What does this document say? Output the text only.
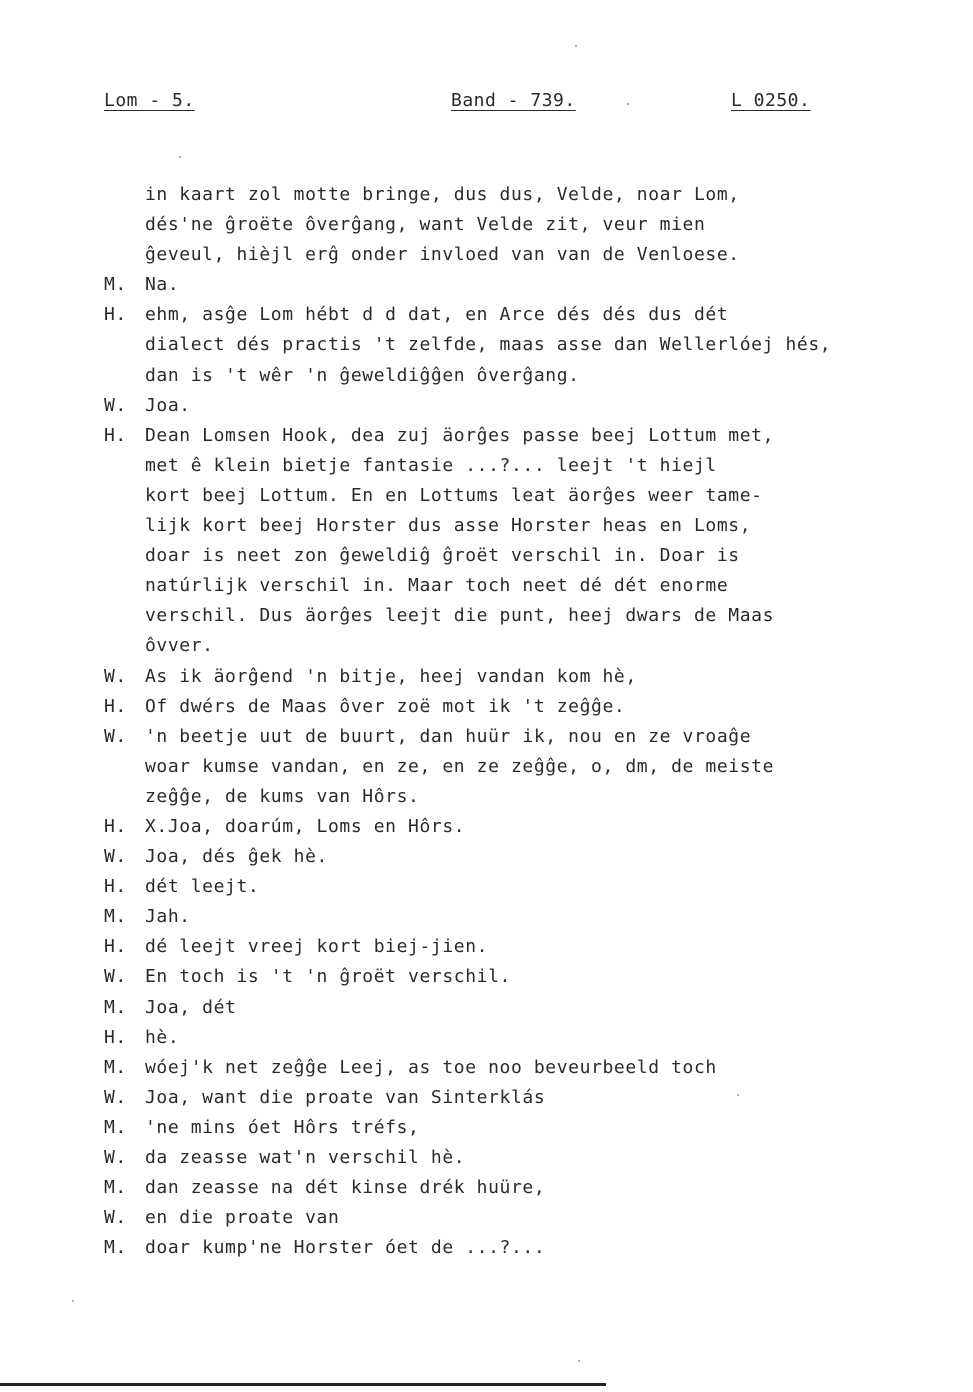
Lom - 5.	Band - 739.	L 0250.
in kaart zol motte bringe, dus dus, Velde, noar Lom,
dés'ne ĝroëte ôverĝang, want Velde zit, veur mien
ĝeveul, hièjl erĝ onder invloed van van de Venloese.
M.	Na.
H.	ehm, asĝe Lom hébt d d dat, en Arce dés dés dus dét
dialect dés practis 't zelfde, maas asse dan Wellerlóej hés,
dan is 't wêr 'n ĝeweldiĝĝen ôverĝang.
W.	Joa.
H.	Dean Lomsen Hook, dea zuj äorĝes passe beej Lottum met,
met ê klein bietje fantasie ...?... leejt 't hiejl
kort beej Lottum. En en Lottums leat äorĝes weer tame-
lijk kort beej Horster dus asse Horster heas en Loms,
doar is neet zon ĝeweldiĝ ĝroët verschil in. Doar is
natúrlijk verschil in. Maar toch neet dé dét enorme
verschil. Dus äorĝes leejt die punt, heej dwars de Maas
ôvver.
W.	As ik äorĝend 'n bitje, heej vandan kom hè,
H.	Of dwérs de Maas ôver zoë mot ik 't zeĝĝe.
W.	'n beetje uut de buurt, dan huür ik, nou en ze vroaĝe
woar kumse vandan, en ze, en ze zeĝĝe, o, dm, de meiste
zeĝĝe, de kums van Hôrs.
H.	X.Joa, doarúm, Loms en Hôrs.
W.	Joa, dés ĝek hè.
H.	dét leejt.
M.	Jah.
H.	dé leejt vreej kort biej-jien.
W.	En toch is 't 'n ĝroët verschil.
M.	Joa, dét
H.	hè.
M.	wóej'k net zeĝĝe Leej, as toe noo beveurbeeld toch
W.	Joa, want die proate van Sinterklás
M.	'ne mins óet Hôrs tréfs,
W.	da zeasse wat'n verschil hè.
M.	dan zeasse na dét kinse drék huüre,
W.	en die proate van
M.	doar kump'ne Horster óet de ...?...
